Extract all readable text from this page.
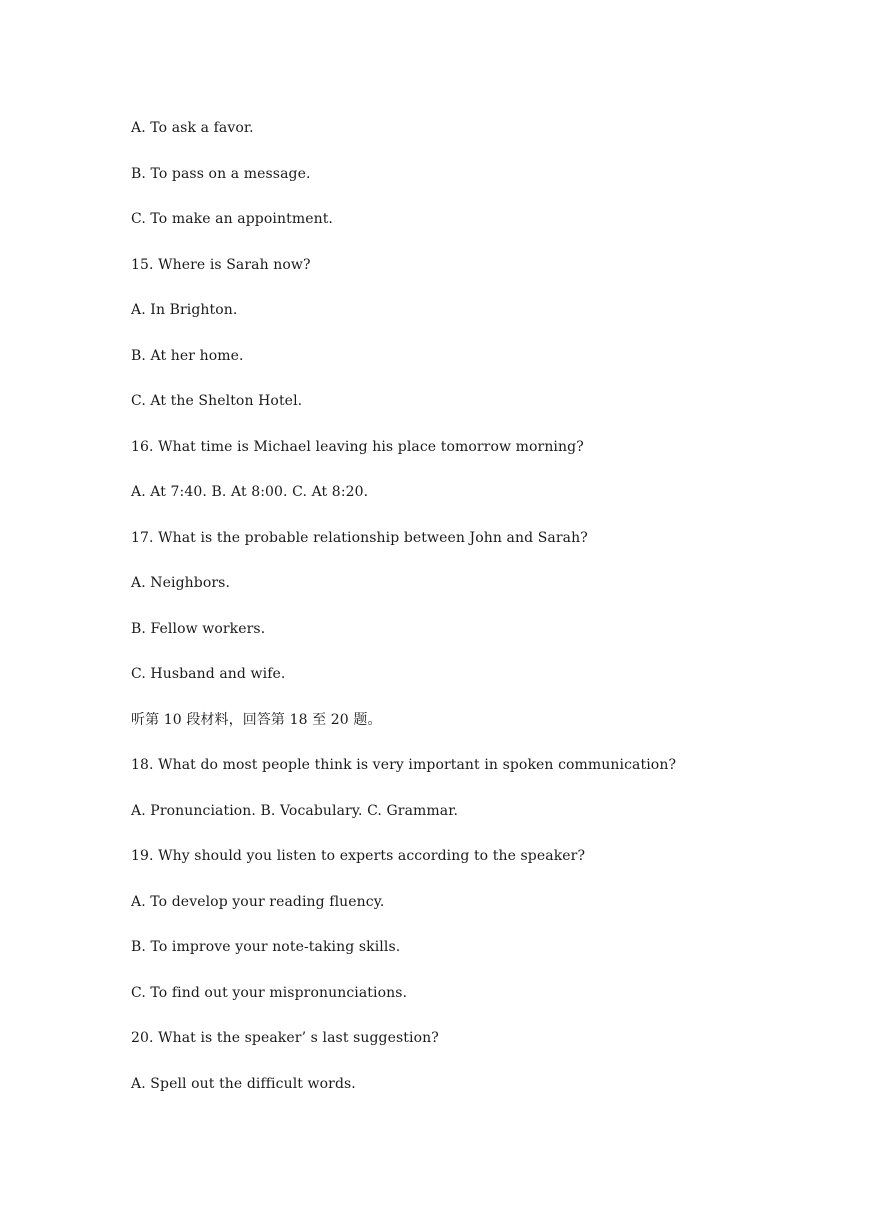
A. To ask a favor.
B. To pass on a message.
C. To make an appointment.
15. Where is Sarah now?
A. In Brighton.
B. At her home.
C. At the Shelton Hotel.
16. What time is Michael leaving his place tomorrow morning?
A. At 7:40. B. At 8:00. C. At 8:20.
17. What is the probable relationship between John and Sarah?
A. Neighbors.
B. Fellow workers.
C. Husband and wife.
听第 10 段材料，回答第 18 至 20 题。
18. What do most people think is very important in spoken communication?
A. Pronunciation. B. Vocabulary. C. Grammar.
19. Why should you listen to experts according to the speaker?
A. To develop your reading fluency.
B. To improve your note-taking skills.
C. To find out your mispronunciations.
20. What is the speaker’ s last suggestion?
A. Spell out the difficult words.
